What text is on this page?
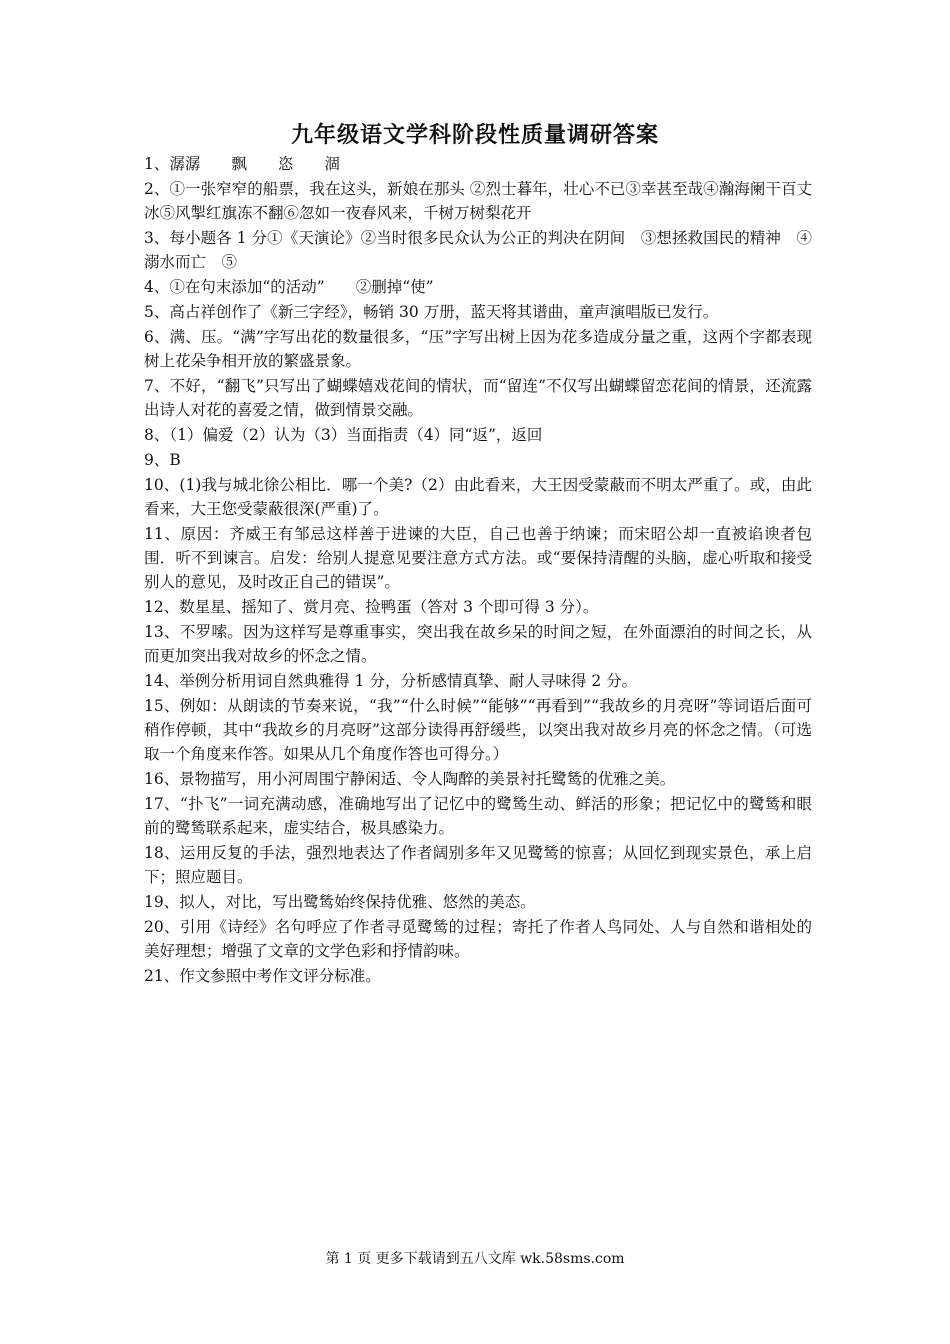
九年级语文学科阶段性质量调研答案

1、潺潺　　飘　　恣　　涸

2、①一张窄窄的船票，我在这头，新娘在那头 ②烈士暮年，壮心不已③幸甚至哉④瀚海阑干百丈冰⑤风掣红旗冻不翻⑥忽如一夜春风来，千树万树梨花开

3、每小题各 1 分①《天演论》②当时很多民众认为公正的判决在阴间　③想拯救国民的精神　④溺水而亡　⑤

4、①在句末添加“的活动”　　②删掉“使”

5、高占祥创作了《新三字经》，畅销 30 万册，蓝天将其谱曲，童声演唱版已发行。

6、满、压。“满”字写出花的数量很多，“压”字写出树上因为花多造成分量之重，这两个字都表现树上花朵争相开放的繁盛景象。

7、不好，“翻飞”只写出了蝴蝶嬉戏花间的情状，而“留连”不仅写出蝴蝶留恋花间的情景，还流露出诗人对花的喜爱之情，做到情景交融。

8、（1）偏爱（2）认为（3）当面指责（4）同“返”，返回

9、B

10、(1)我与城北徐公相比．哪一个美?（2）由此看来，大王因受蒙蔽而不明太严重了。或，由此看来，大王您受蒙蔽很深(严重)了。

11、原因：齐威王有邹忌这样善于进谏的大臣，自己也善于纳谏；而宋昭公却一直被谄谀者包围．听不到谏言。启发：给别人提意见要注意方式方法。或“要保持清醒的头脑，虚心听取和接受别人的意见，及时改正自己的错误”。

12、数星星、摇知了、赏月亮、捡鸭蛋（答对 3 个即可得 3 分）。

13、不罗嗦。因为这样写是尊重事实，突出我在故乡呆的时间之短，在外面漂泊的时间之长，从而更加突出我对故乡的怀念之情。

14、举例分析用词自然典雅得 1 分，分析感情真挚、耐人寻味得 2 分。

15、例如：从朗读的节奏来说，“我”“什么时候”“能够”“再看到”“我故乡的月亮呀”等词语后面可稍作停顿，其中“我故乡的月亮呀”这部分读得再舒缓些，以突出我对故乡月亮的怀念之情。（可选取一个角度来作答。如果从几个角度作答也可得分。）

16、景物描写，用小河周围宁静闲适、令人陶醉的美景衬托鹭鸶的优雅之美。

17、“扑飞”一词充满动感，准确地写出了记忆中的鹭鸶生动、鲜活的形象；把记忆中的鹭鸶和眼前的鹭鸶联系起来，虚实结合，极具感染力。

18、运用反复的手法，强烈地表达了作者阔别多年又见鹭鸶的惊喜；从回忆到现实景色，承上启下；照应题目。

19、拟人，对比，写出鹭鸶始终保持优雅、悠然的美态。

20、引用《诗经》名句呼应了作者寻觅鹭鸶的过程；寄托了作者人鸟同处、人与自然和谐相处的美好理想；增强了文章的文学色彩和抒情韵味。

21、作文参照中考作文评分标准。

第 1 页 更多下载请到五八文库 wk.58sms.com
